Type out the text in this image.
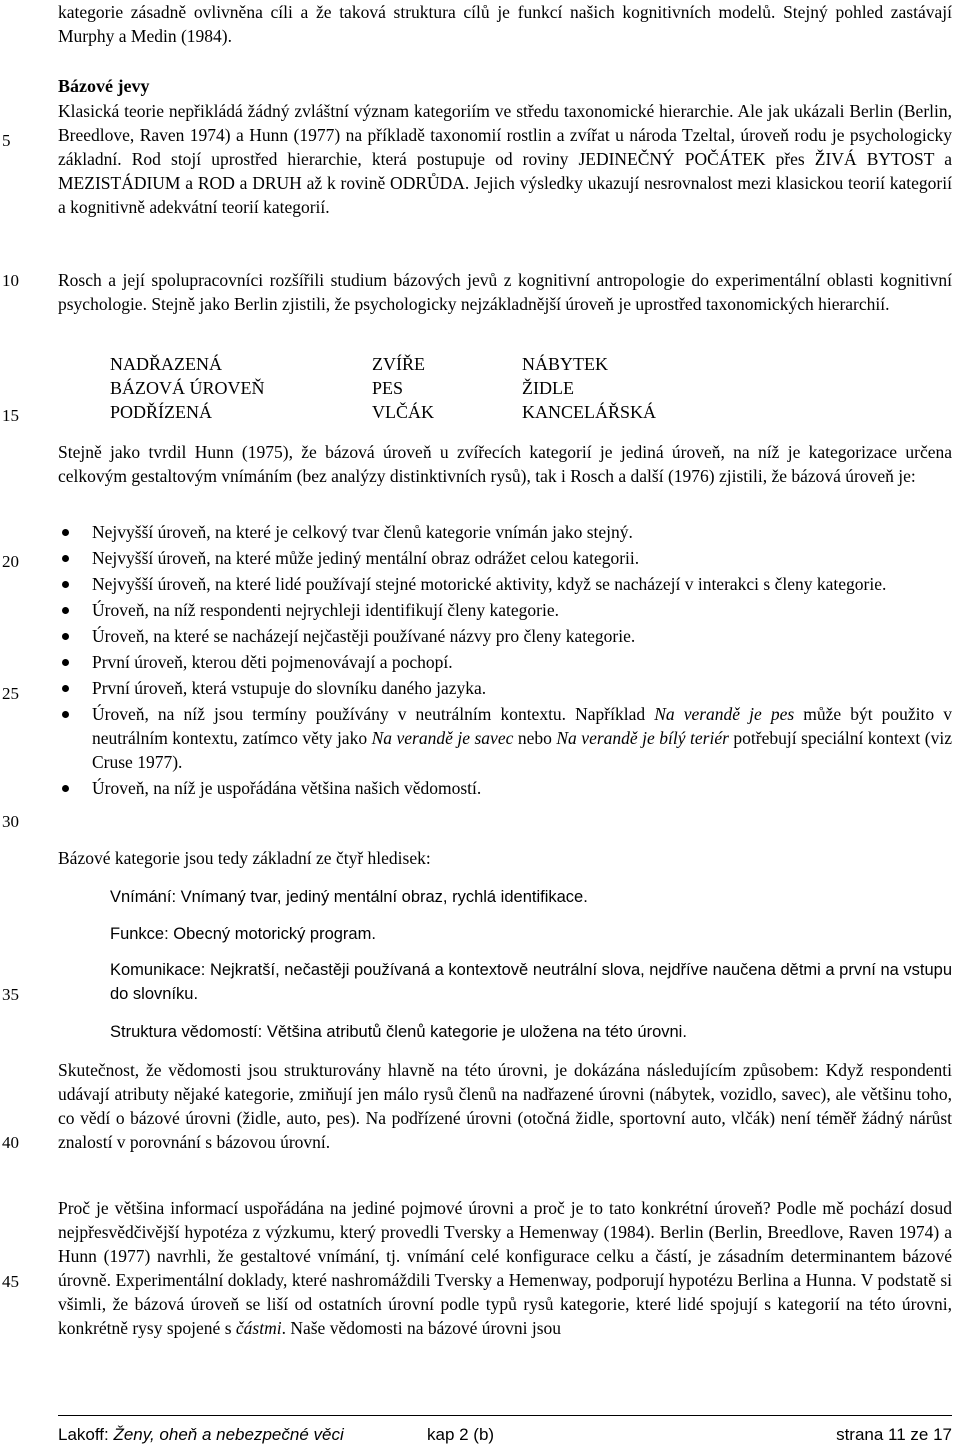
5
10
15
20
25
30
35
40
45

kategorie zásadně ovlivněna cíli a že taková struktura cílů je funkcí našich kognitivních modelů. Stejný pohled zastávají Murphy a Medin (1984).

Bázové jevy

Klasická teorie nepřikládá žádný zvláštní význam kategoriím ve středu taxonomické hierarchie. Ale jak ukázali Berlin (Berlin, Breedlove, Raven 1974) a Hunn (1977) na příkladě taxonomií rostlin a zvířat u národa Tzeltal, úroveň rodu je psychologicky základní. Rod stojí uprostřed hierarchie, která postupuje od roviny JEDINEČNÝ POČÁTEK přes ŽIVÁ BYTOST a MEZISTÁDIUM a ROD a DRUH až k rovině ODRŮDA. Jejich výsledky ukazují nesrovnalost mezi klasickou teorií kategorií a kognitivně adekvátní teorií kategorií.

Rosch a její spolupracovníci rozšířili studium bázových jevů z kognitivní antropologie do experimentální oblasti kognitivní psychologie. Stejně jako Berlin zjistili, že psychologicky nejzákladnější úroveň je uprostřed taxonomických hierarchií.

NADŘAZENÁ	ZVÍŘE	NÁBYTEK
BÁZOVÁ ÚROVEŇ	PES	ŽIDLE
PODŘÍZENÁ	VLČÁK	KANCELÁŘSKÁ

Stejně jako tvrdil Hunn (1975), že bázová úroveň u zvířecích kategorií je jediná úroveň, na níž je kategorizace určena celkovým gestaltovým vnímáním (bez analýzy distinktivních rysů), tak i Rosch a další (1976) zjistili, že bázová úroveň je:

Nejvyšší úroveň, na které je celkový tvar členů kategorie vnímán jako stejný.
Nejvyšší úroveň, na které může jediný mentální obraz odrážet celou kategorii.
Nejvyšší úroveň, na které lidé používají stejné motorické aktivity, když se nacházejí v interakci s členy kategorie.
Úroveň, na níž respondenti nejrychleji identifikují členy kategorie.
Úroveň, na které se nacházejí nejčastěji používané názvy pro členy kategorie.
První úroveň, kterou děti pojmenovávají a pochopí.
První úroveň, která vstupuje do slovníku daného jazyka.
Úroveň, na níž jsou termíny používány v neutrálním kontextu. Například Na verandě je pes může být použito v neutrálním kontextu, zatímco věty jako Na verandě je savec nebo Na verandě je bílý teriér potřebují speciální kontext (viz Cruse 1977).
Úroveň, na níž je uspořádána většina našich vědomostí.

Bázové kategorie jsou tedy základní ze čtyř hledisek:

Vnímání: Vnímaný tvar, jediný mentální obraz, rychlá identifikace.
Funkce: Obecný motorický program.
Komunikace: Nejkratší, nečastěji používaná a kontextově neutrální slova, nejdříve naučena dětmi a první na vstupu do slovníku.
Struktura vědomostí: Většina atributů členů kategorie je uložena na této úrovni.

Skutečnost, že vědomosti jsou strukturovány hlavně na této úrovni, je dokázána následujícím způsobem: Když respondenti udávají atributy nějaké kategorie, zmiňují jen málo rysů členů na nadřazené úrovni (nábytek, vozidlo, savec), ale většinu toho, co vědí o bázové úrovni (židle, auto, pes). Na podřízené úrovni (otočná židle, sportovní auto, vlčák) není téměř žádný nárůst znalostí v porovnání s bázovou úrovní.

Proč je většina informací uspořádána na jediné pojmové úrovni a proč je to tato konkrétní úroveň? Podle mě pochází dosud nejpřesvědčivější hypotéza z výzkumu, který provedli Tversky a Hemenway (1984). Berlin (Berlin, Breedlove, Raven 1974) a Hunn (1977) navrhli, že gestaltové vnímání, tj. vnímání celé konfigurace celku a částí, je zásadním determinantem bázové úrovně. Experimentální doklady, které nashromáždili Tversky a Hemenway, podporují hypotézu Berlina a Hunna. V podstatě si všimli, že bázová úroveň se liší od ostatních úrovní podle typů rysů kategorie, které lidé spojují s kategorií na této úrovni, konkrétně rysy spojené s částmi. Naše vědomosti na bázové úrovni jsou

Lakoff: Ženy, oheň a nebezpečné věci	kap 2 (b)	strana 11 ze 17
